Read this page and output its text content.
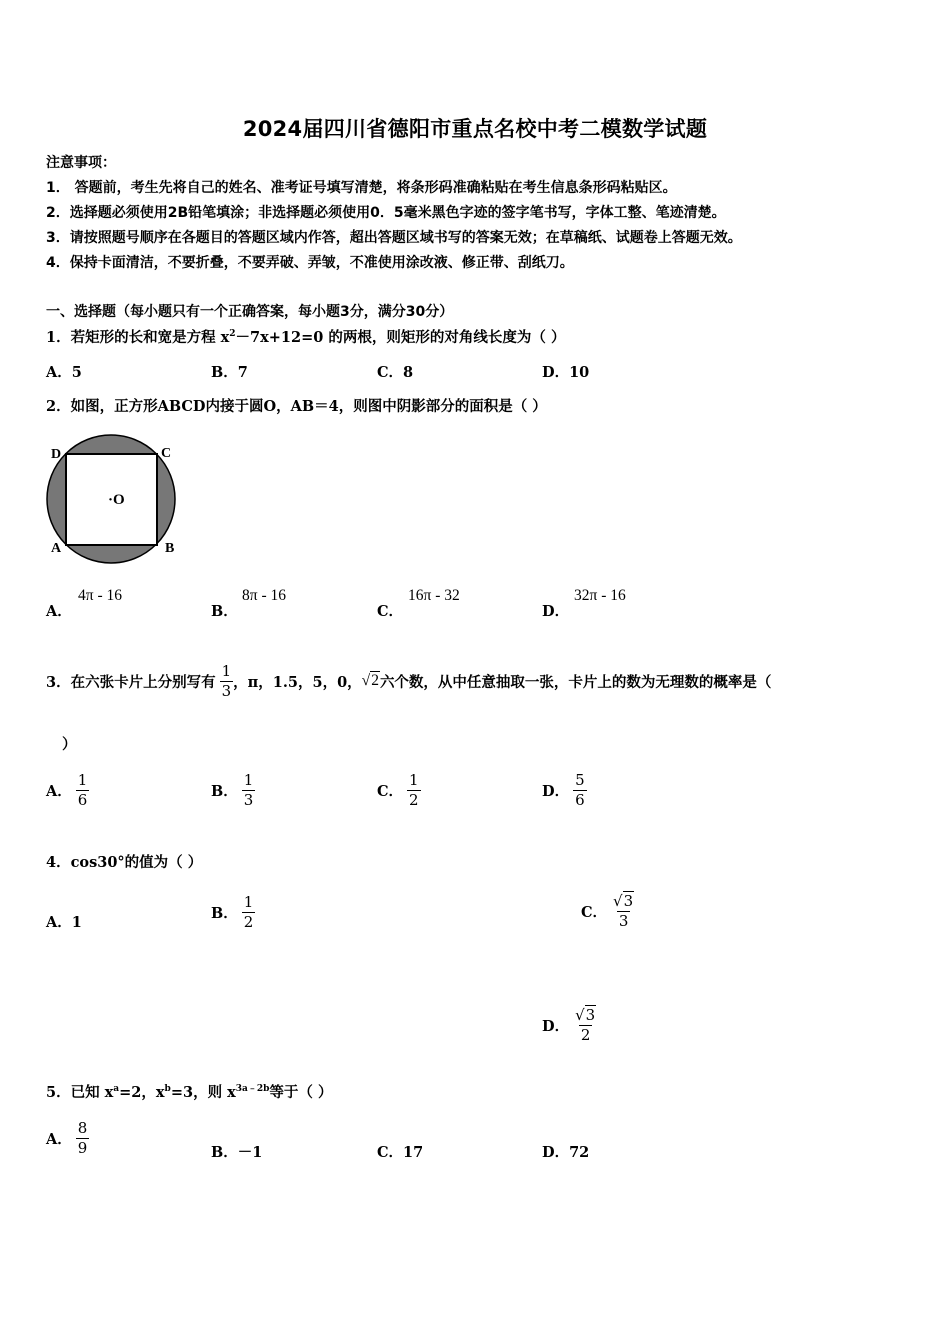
2024届四川省德阳市重点名校中考二模数学试题
注意事项：
1． 答题前，考生先将自己的姓名、准考证号填写清楚，将条形码准确粘贴在考生信息条形码粘贴区。
2．选择题必须使用2B铅笔填涂；非选择题必须使用0．5毫米黑色字迹的签字笔书写，字体工整、笔迹清楚。
3．请按照题号顺序在各题目的答题区域内作答，超出答题区域书写的答案无效；在草稿纸、试题卷上答题无效。
4．保持卡面清洁，不要折叠，不要弄破、弄皱，不准使用涂改液、修正带、刮纸刀。
一、选择题（每小题只有一个正确答案，每小题3分，满分30分）
1．若矩形的长和宽是方程 $x^2-7x+12=0$ 的两根，则矩形的对角线长度为（ ）
A．5	B．7	C．8	D．10
2．如图，正方形ABCD内接于圆O，AB＝4，则图中阴影部分的面积是（ ）
D	C
A	B
·O
A．
4π - 16
B．
8π - 16
C．
16π - 32
D．
32π - 16
3．在六张卡片上分别写有 $\frac{1}{3}$ ，π，1.5，5，0， √2 六个数，从中任意抽取一张，卡片上的数为无理数的概率是（
）
A． $\frac{1}{6}$	B． $\frac{1}{3}$	C． $\frac{1}{2}$	D． $\frac{5}{6}$
4．cos30°的值为（ ）
A．1
B． $\frac{1}{2}$	C． $\frac{√3}{3}$
D． $\frac{√3}{2}$
5．已知 $x^a=2$，$x^b=3$，则 $x^{3a﹣2b}$等于（ ）
A． $\frac{8}{9}$	B．－1	C．17	D．72
